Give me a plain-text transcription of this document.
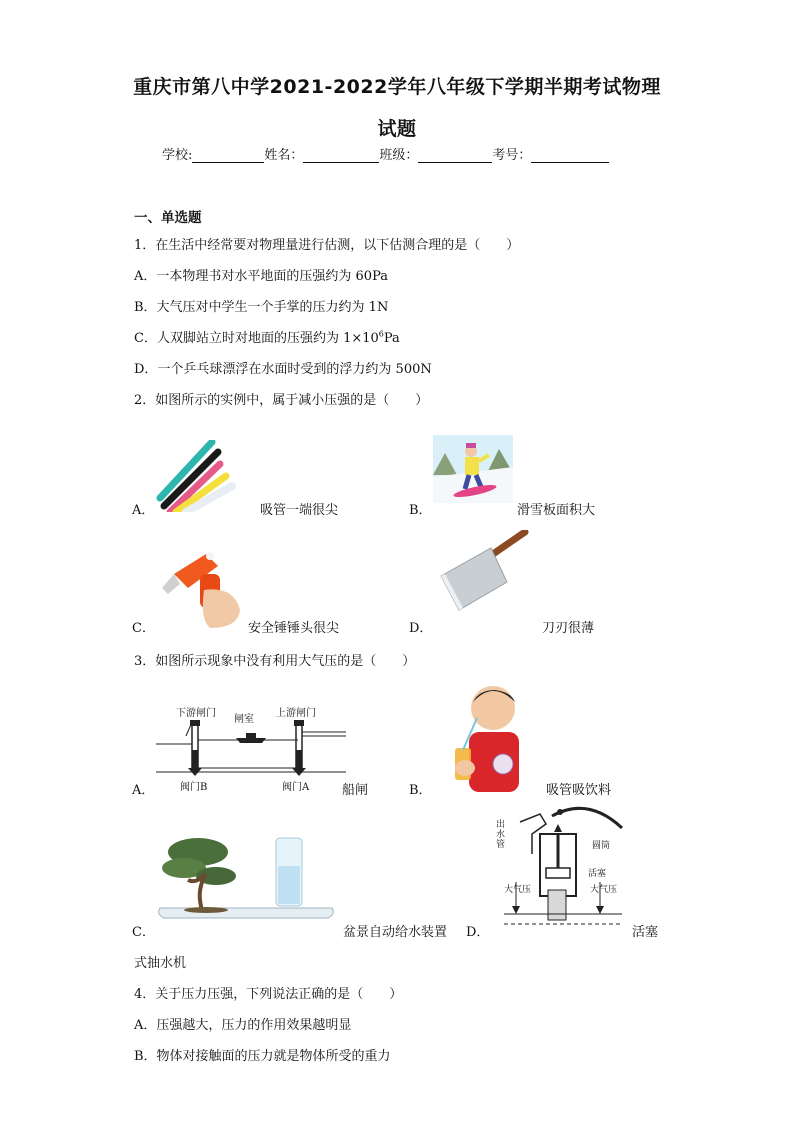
重庆市第八中学2021-2022学年八年级下学期半期考试物理
试题
学校:	姓名：	班级：	考号：
一、单选题
1．在生活中经常要对物理量进行估测，以下估测合理的是（　　）
A．一本物理书对水平地面的压强约为 60Pa
B．大气压对中学生一个手掌的压力约为 1N
C．人双脚站立时对地面的压强约为 $1\times 10^6Pa$
D．一个乒乓球漂浮在水面时受到的浮力约为 500N
2．如图所示的实例中，属于减小压强的是（　　）
A．	吸管一端很尖	B．	滑雪板面积大
C．	安全锤锤头很尖	D．	刀刃很薄
3．如图所示现象中没有利用大气压的是（　　）
下游闸门
闸室
上游闸门
阀门B	阀门A
A．	船闸	B．	吸管吸饮料
C．	盆景自动给水装置
出水管	圆筒
活塞
大气压	大气压
D．	活塞
式抽水机
4．关于压力压强，下列说法正确的是（　　）
A．压强越大，压力的作用效果越明显
B．物体对接触面的压力就是物体所受的重力
